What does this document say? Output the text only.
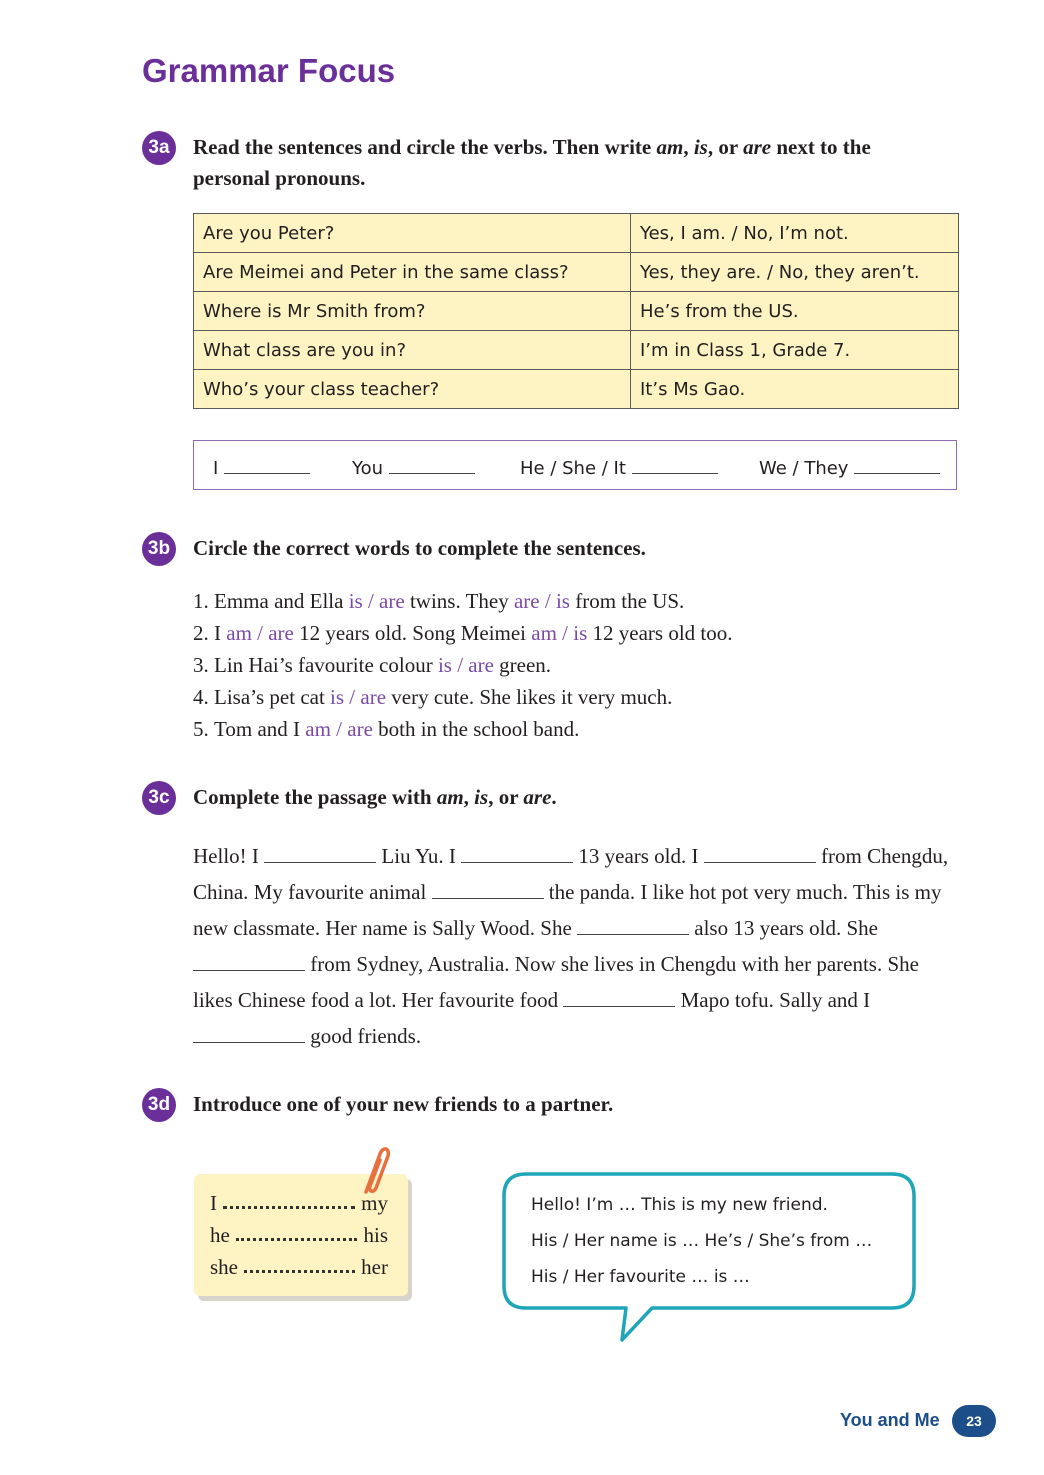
Grammar Focus
3a	Read the sentences and circle the verbs. Then write am, is, or are next to the personal pronouns.

Are you Peter?	Yes, I am. / No, I’m not.
Are Meimei and Peter in the same class?	Yes, they are. / No, they aren’t.
Where is Mr Smith from?	He’s from the US.
What class are you in?	I’m in Class 1, Grade 7.
Who’s your class teacher?	It’s Ms Gao.
I	You	He / She / It	We / They
3b Circle the correct words to complete the sentences.

1. Emma and Ella is / are twins. They are / is from the US.
2. I am / are 12 years old. Song Meimei am / is 12 years old too.
3. Lin Hai’s favourite colour is / are green.
4. Lisa’s pet cat is / are very cute. She likes it very much.
5. Tom and I am / are both in the school band.
3c	Complete the passage with am, is, or are.

Hello! I	Liu Yu. I	13 years old. I	from Chengdu, China. My favourite animal	the panda. I like hot pot very much. This is my new classmate. Her name is Sally Wood. She	also 13 years old. She  from Sydney, Australia. Now she lives in Chengdu with her parents. She likes Chinese food a lot. Her favourite food	Mapo tofu. Sally and I  good friends.

3d Introduce one of your new friends to a partner.

I	my
he	his
she	her
Hello! I’m … This is my new friend.
His / Her name is … He’s / She’s from …
His / Her favourite … is …
You and Me	23
